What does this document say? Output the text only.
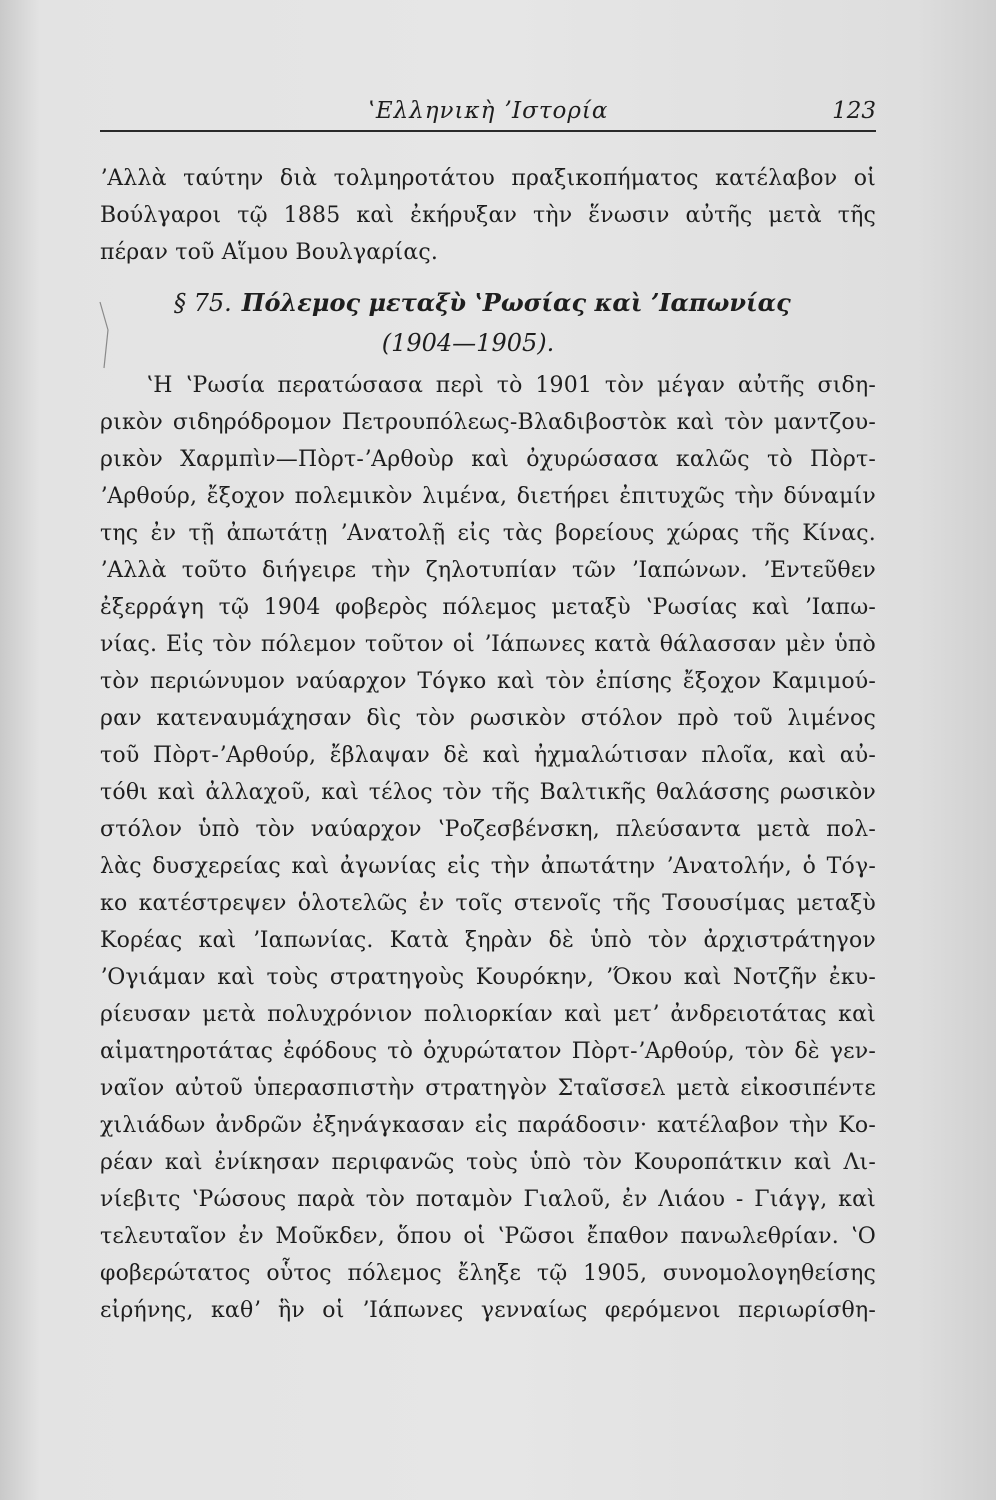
ʽΕλληνικὴ ʼΙστορία	123
ʼΑλλὰ ταύτην διὰ τολμηροτάτου πραξικοπήματος κατέλαβον οἱ
Βούλγαροι τῷ 1885 καὶ ἐκήρυξαν τὴν ἕνωσιν αὐτῆς μετὰ τῆς
πέραν τοῦ Αἵμου Βουλγαρίας.
§ 75. Πόλεμος μεταξὺ ʽΡωσίας καὶ ʼΙαπωνίας
(1904—1905).
ʽΗ ʽΡωσία περατώσασα περὶ τὸ 1901 τὸν μέγαν αὐτῆς σιδη-
ρικὸν σιδηρόδρομον Πετρουπόλεως-Βλαδιβοστὸκ καὶ τὸν μαντζου-
ρικὸν Χαρμπὶν—Πὸρτ-ʼΑρθοὺρ καὶ ὀχυρώσασα καλῶς τὸ Πὸρτ-
ʼΑρθούρ, ἔξοχον πολεμικὸν λιμένα, διετήρει ἐπιτυχῶς τὴν δύναμίν
της ἐν τῇ ἀπωτάτῃ ʼΑνατολῇ εἰς τὰς βορείους χώρας τῆς Κίνας.
ʼΑλλὰ τοῦτο διήγειρε τὴν ζηλοτυπίαν τῶν ʼΙαπώνων. ʼΕντεῦθεν
ἐξερράγη τῷ 1904 φοβερὸς πόλεμος μεταξὺ ʽΡωσίας καὶ ʼΙαπω-
νίας. Εἰς τὸν πόλεμον τοῦτον οἱ ʼΙάπωνες κατὰ θάλασσαν μὲν ὑπὸ
τὸν περιώνυμον ναύαρχον Τόγκο καὶ τὸν ἐπίσης ἔξοχον Καμιμού-
ραν κατεναυμάχησαν δὶς τὸν ρωσικὸν στόλον πρὸ τοῦ λιμένος
τοῦ Πὸρτ-ʼΑρθούρ, ἔβλαψαν δὲ καὶ ἠχμαλώτισαν πλοῖα, καὶ αὐ-
τόθι καὶ ἀλλαχοῦ, καὶ τέλος τὸν τῆς Βαλτικῆς θαλάσσης ρωσικὸν
στόλον ὑπὸ τὸν ναύαρχον ʽΡοζεσβένσκη, πλεύσαντα μετὰ πολ-
λὰς δυσχερείας καὶ ἀγωνίας εἰς τὴν ἀπωτάτην ʼΑνατολήν, ὁ Τόγ-
κο κατέστρεψεν ὁλοτελῶς ἐν τοῖς στενοῖς τῆς Τσουσίμας μεταξὺ
Κορέας καὶ ʼΙαπωνίας. Κατὰ ξηρὰν δὲ ὑπὸ τὸν ἀρχιστράτηγον
ʼΟγιάμαν καὶ τοὺς στρατηγοὺς Κουρόκην, ʼΌκου καὶ Νοτζῆν ἐκυ-
ρίευσαν μετὰ πολυχρόνιον πολιορκίαν καὶ μετʼ ἀνδρειοτάτας καὶ
αἱματηροτάτας ἐφόδους τὸ ὀχυρώτατον Πὸρτ-ʼΑρθούρ, τὸν δὲ γεν-
ναῖον αὐτοῦ ὑπερασπιστὴν στρατηγὸν Σταῖσσελ μετὰ εἰκοσιπέντε
χιλιάδων ἀνδρῶν ἐξηνάγκασαν εἰς παράδοσιν· κατέλαβον τὴν Κο-
ρέαν καὶ ἐνίκησαν περιφανῶς τοὺς ὑπὸ τὸν Κουροπάτκιν καὶ Λι-
νίεβιτς ʽΡώσους παρὰ τὸν ποταμὸν Γιαλοῦ, ἐν Λιάου - Γιάγγ, καὶ
τελευταῖον ἐν Μοῦκδεν, ὅπου οἱ ʽΡῶσοι ἔπαθον πανωλεθρίαν. ʽΟ
φοβερώτατος οὗτος πόλεμος ἔληξε τῷ 1905, συνομολογηθείσης
εἰρήνης, καθʼ ἣν οἱ ʼΙάπωνες γενναίως φερόμενοι περιωρίσθη-
